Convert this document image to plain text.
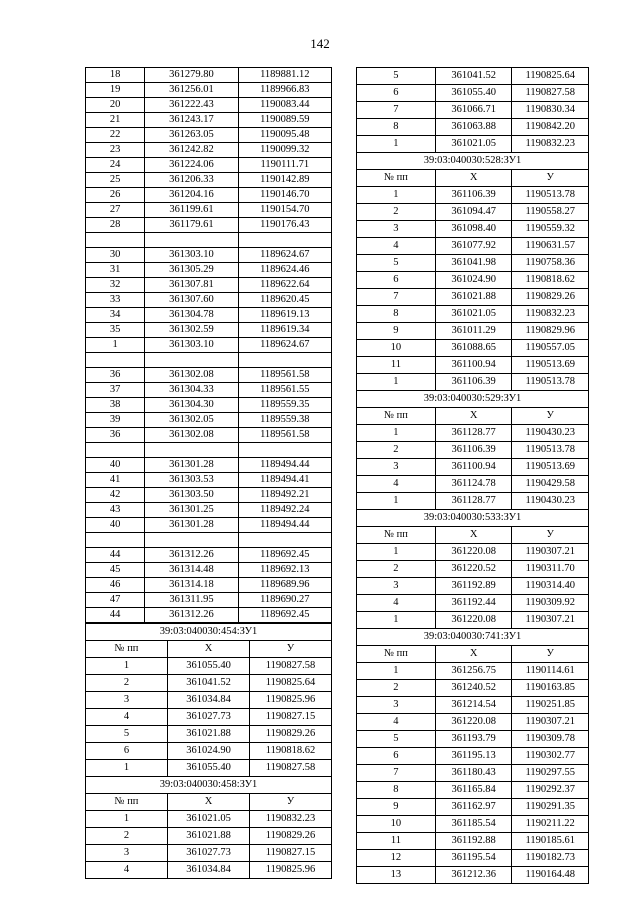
142
18	361279.80	1189881.12
19	361256.01	1189966.83
20	361222.43	1190083.44
21	361243.17	1190089.59
22	361263.05	1190095.48
23	361242.82	1190099.32
24	361224.06	1190111.71
25	361206.33	1190142.89
26	361204.16	1190146.70
27	361199.61	1190154.70
28	361179.61	1190176.43

30	361303.10	1189624.67
31	361305.29	1189624.46
32	361307.81	1189622.64
33	361307.60	1189620.45
34	361304.78	1189619.13
35	361302.59	1189619.34
1	361303.10	1189624.67

36	361302.08	1189561.58
37	361304.33	1189561.55
38	361304.30	1189559.35
39	361302.05	1189559.38
36	361302.08	1189561.58

40	361301.28	1189494.44
41	361303.53	1189494.41
42	361303.50	1189492.21
43	361301.25	1189492.24
40	361301.28	1189494.44

44	361312.26	1189692.45
45	361314.48	1189692.13
46	361314.18	1189689.96
47	361311.95	1189690.27
44	361312.26	1189692.45
39:03:040030:454:ЗУ1		
№ пп	X	У
1	361055.40	1190827.58
2	361041.52	1190825.64
3	361034.84	1190825.96
4	361027.73	1190827.15
5	361021.88	1190829.26
6	361024.90	1190818.62
1	361055.40	1190827.58
39:03:040030:458:ЗУ1		
№ пп	X	У
1	361021.05	1190832.23
2	361021.88	1190829.26
3	361027.73	1190827.15
4	361034.84	1190825.96
5	361041.52	1190825.64
6	361055.40	1190827.58
7	361066.71	1190830.34
8	361063.88	1190842.20
1	361021.05	1190832.23
39:03:040030:528:ЗУ1		
№ пп	X	У
1	361106.39	1190513.78
2	361094.47	1190558.27
3	361098.40	1190559.32
4	361077.92	1190631.57
5	361041.98	1190758.36
6	361024.90	1190818.62
7	361021.88	1190829.26
8	361021.05	1190832.23
9	361011.29	1190829.96
10	361088.65	1190557.05
11	361100.94	1190513.69
1	361106.39	1190513.78
39:03:040030:529:ЗУ1		
№ пп	X	У
1	361128.77	1190430.23
2	361106.39	1190513.78
3	361100.94	1190513.69
4	361124.78	1190429.58
1	361128.77	1190430.23
39:03:040030:533:ЗУ1		
№ пп	X	У
1	361220.08	1190307.21
2	361220.52	1190311.70
3	361192.89	1190314.40
4	361192.44	1190309.92
1	361220.08	1190307.21
39:03:040030:741:ЗУ1		
№ пп	X	У
1	361256.75	1190114.61
2	361240.52	1190163.85
3	361214.54	1190251.85
4	361220.08	1190307.21
5	361193.79	1190309.78
6	361195.13	1190302.77
7	361180.43	1190297.55
8	361165.84	1190292.37
9	361162.97	1190291.35
10	361185.54	1190211.22
11	361192.88	1190185.61
12	361195.54	1190182.73
13	361212.36	1190164.48
